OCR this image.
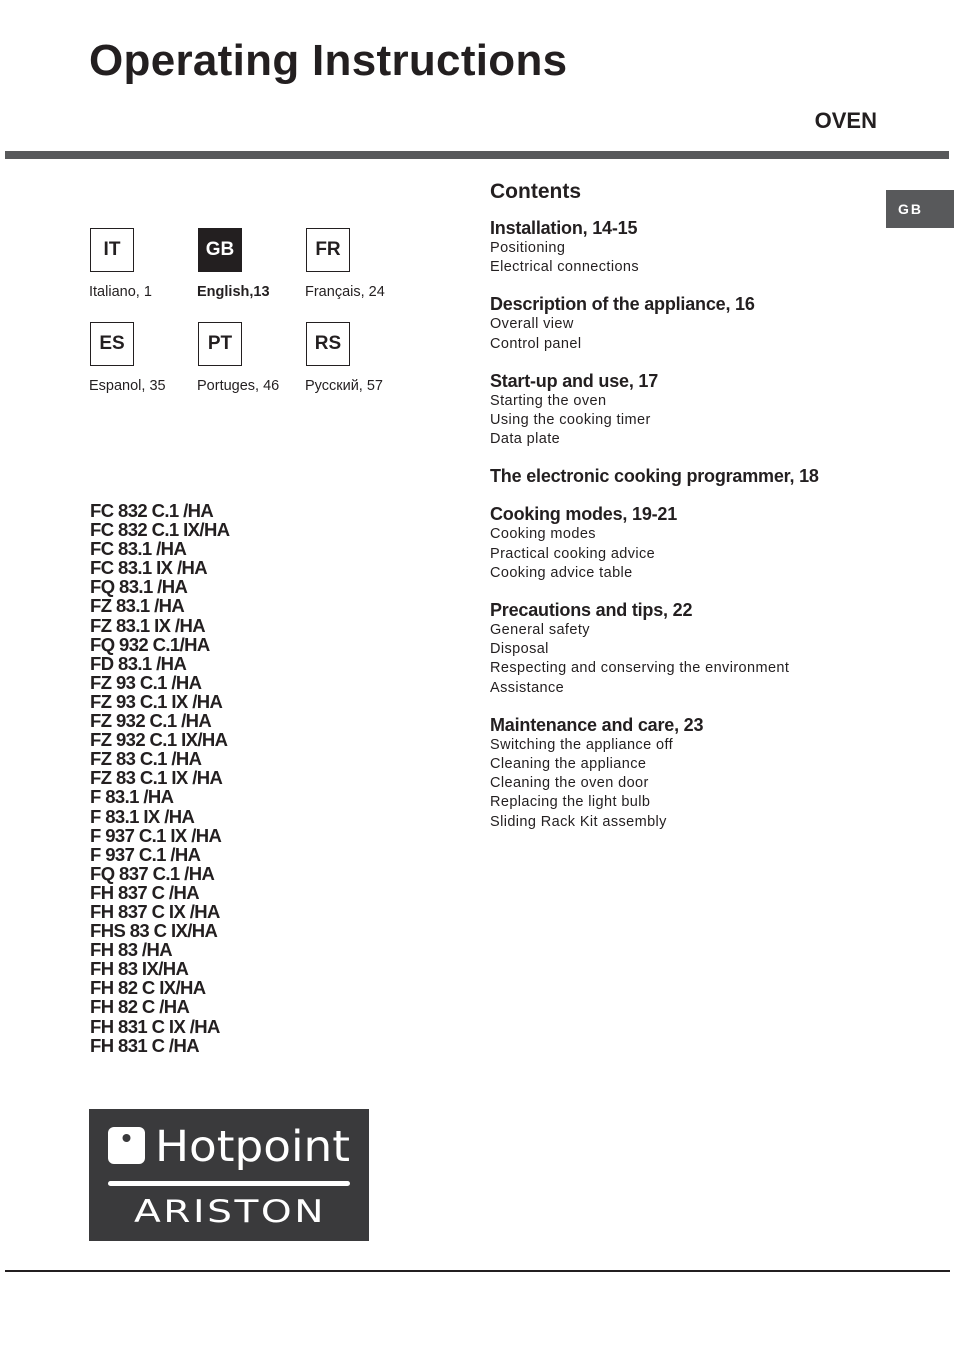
Operating Instructions
OVEN
GB
IT
Italiano, 1
GB
English,13
FR
Français, 24
ES
Espanol, 35
PT
Portuges, 46
RS
Русский, 57
FC 832 C.1 /HA
FC 832 C.1 IX/HA
FC 83.1 /HA
FC 83.1 IX /HA
FQ 83.1 /HA
FZ 83.1 /HA
FZ 83.1 IX /HA
FQ 932 C.1/HA
FD 83.1 /HA
FZ 93 C.1 /HA
FZ 93 C.1 IX /HA
FZ 932 C.1 /HA
FZ 932 C.1 IX/HA
FZ 83 C.1 /HA
FZ 83 C.1 IX /HA
F 83.1 /HA
F 83.1 IX /HA
F 937 C.1 IX /HA
F 937 C.1 /HA
FQ 837 C.1 /HA
FH 837 C /HA
FH 837 C IX /HA
FHS 83 C IX/HA
FH 83 /HA
FH 83 IX/HA
FH 82 C IX/HA
FH 82 C /HA
FH 831 C IX /HA
FH 831 C /HA
Contents
Installation, 14-15
Positioning
Electrical connections
Description of the appliance, 16
Overall view
Control panel
Start-up and use, 17
Starting the oven
Using the cooking timer
Data plate
The electronic cooking programmer, 18
Cooking modes, 19-21
Cooking modes
Practical cooking advice
Cooking advice table
Precautions and tips, 22
General safety
Disposal
Respecting and conserving the environment
Assistance
Maintenance and care, 23
Switching the appliance off
Cleaning the appliance
Cleaning the oven door
Replacing the light bulb
Sliding Rack Kit assembly
Hotpoint
ARISTON
